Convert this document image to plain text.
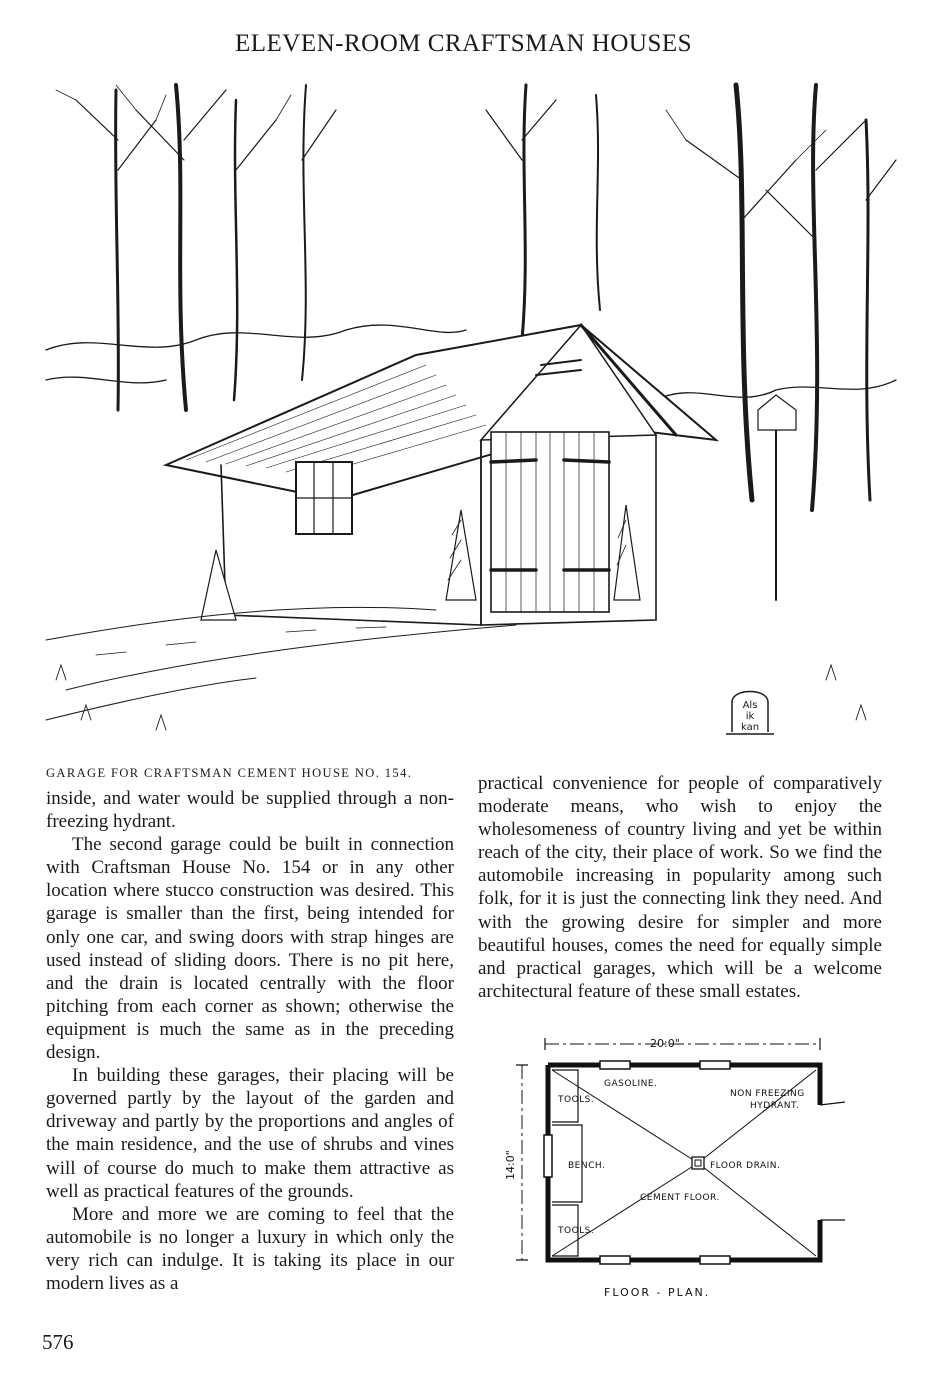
ELEVEN-ROOM CRAFTSMAN HOUSES
Als
ik
kan
GARAGE FOR CRAFTSMAN CEMENT HOUSE NO. 154.

inside, and water would be supplied through a non-freezing hydrant.

The second garage could be built in connection with Craftsman House No. 154 or in any other location where stucco construction was desired. This garage is smaller than the first, being intended for only one car, and swing doors with strap hinges are used instead of sliding doors. There is no pit here, and the drain is located centrally with the floor pitching from each corner as shown; otherwise the equipment is much the same as in the preceding design.

In building these garages, their placing will be governed partly by the layout of the garden and driveway and partly by the proportions and angles of the main residence, and the use of shrubs and vines will of course do much to make them attractive as well as practical features of the grounds.

More and more we are coming to feel that the automobile is no longer a luxury in which only the very rich can indulge. It is taking its place in our modern lives as a

practical convenience for people of comparatively moderate means, who wish to enjoy the wholesomeness of country living and yet be within reach of the city, their place of work. So we find the automobile increasing in popularity among such folk, for it is just the connecting link they need. And with the growing desire for simpler and more beautiful houses, comes the need for equally simple and practical garages, which will be a welcome architectural feature of these small estates.

20:0"
14:0"
TOOLS.
GASOLINE.
NON FREEZING
HYDRANT.
BENCH.	FLOOR DRAIN.
CEMENT FLOOR.
TOOLS.
FLOOR - PLAN.
576
